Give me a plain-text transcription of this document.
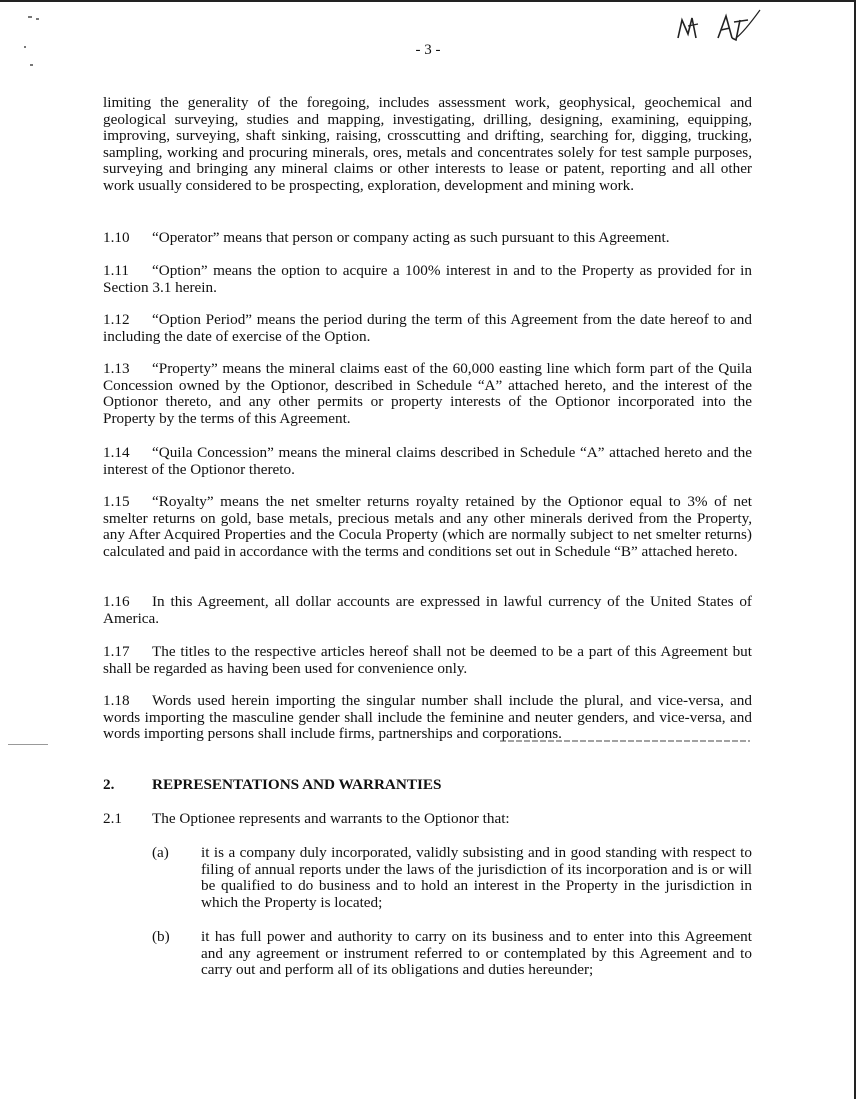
- 3 -
limiting the generality of the foregoing, includes assessment work, geophysical, geochemical and geological surveying, studies and mapping, investigating, drilling, designing, examining, equipping, improving, surveying, shaft sinking, raising, crosscutting and drifting, searching for, digging, trucking, sampling, working and procuring minerals, ores, metals and concentrates solely for test sample purposes, surveying and bringing any mineral claims or other interests to lease or patent, reporting and all other work usually considered to be prospecting, exploration, development and mining work.
1.10 “Operator” means that person or company acting as such pursuant to this Agreement.
1.11 “Option” means the option to acquire a 100% interest in and to the Property as provided for in Section 3.1 herein.
1.12 “Option Period” means the period during the term of this Agreement from the date hereof to and including the date of exercise of the Option.
1.13 “Property” means the mineral claims east of the 60,000 easting line which form part of the Quila Concession owned by the Optionor, described in Schedule “A” attached hereto, and the interest of the Optionor thereto, and any other permits or property interests of the Optionor incorporated into the Property by the terms of this Agreement.
1.14 “Quila Concession” means the mineral claims described in Schedule “A” attached hereto and the interest of the Optionor thereto.
1.15 “Royalty” means the net smelter returns royalty retained by the Optionor equal to 3% of net smelter returns on gold, base metals, precious metals and any other minerals derived from the Property, any After Acquired Properties and the Cocula Property (which are normally subject to net smelter returns) calculated and paid in accordance with the terms and conditions set out in Schedule “B” attached hereto.
1.16 In this Agreement, all dollar accounts are expressed in lawful currency of the United States of America.
1.17 The titles to the respective articles hereof shall not be deemed to be a part of this Agreement but shall be regarded as having been used for convenience only.
1.18 Words used herein importing the singular number shall include the plural, and vice-versa, and words importing the masculine gender shall include the feminine and neuter genders, and vice-versa, and words importing persons shall include firms, partnerships and corporations.
2. REPRESENTATIONS AND WARRANTIES
2.1 The Optionee represents and warrants to the Optionor that:
(a) it is a company duly incorporated, validly subsisting and in good standing with respect to filing of annual reports under the laws of the jurisdiction of its incorporation and is or will be qualified to do business and to hold an interest in the Property in the jurisdiction in which the Property is located;
(b) it has full power and authority to carry on its business and to enter into this Agreement and any agreement or instrument referred to or contemplated by this Agreement and to carry out and perform all of its obligations and duties hereunder;
